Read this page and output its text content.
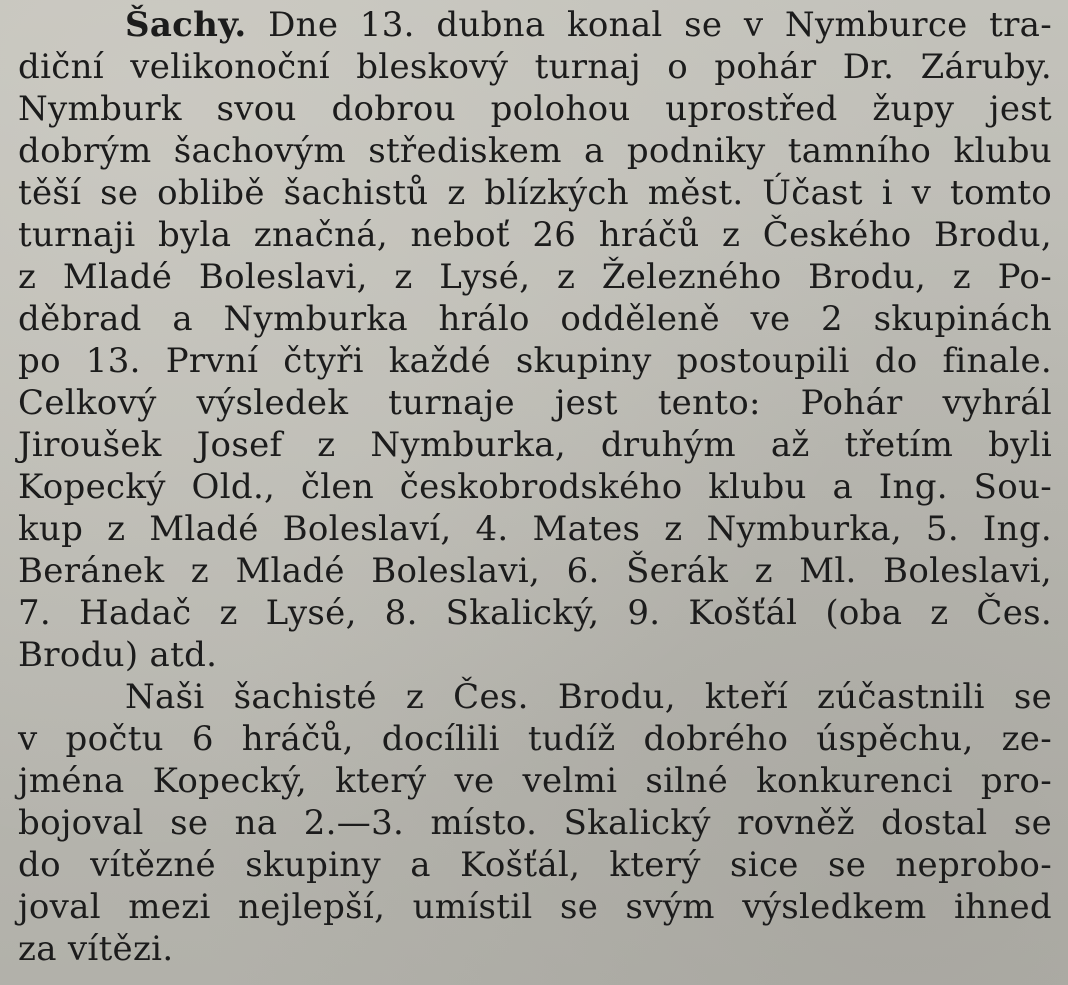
Šachy. Dne 13. dubna konal se v Nymburce tra-

diční velikonoční bleskový turnaj o pohár Dr. Záruby.

Nymburk svou dobrou polohou uprostřed župy jest

dobrým šachovým střediskem a podniky tamního klubu

těší se oblibě šachistů z blízkých měst. Účast i v tomto

turnaji byla značná, neboť 26 hráčů z Českého Brodu,

z Mladé Boleslavi, z Lysé, z Železného Brodu, z Po-

děbrad a Nymburka hrálo odděleně ve 2 skupinách

po 13. První čtyři každé skupiny postoupili do finale.

Celkový výsledek turnaje jest tento: Pohár vyhrál

Jiroušek Josef z Nymburka, druhým až třetím byli

Kopecký Old., člen českobrodského klubu a Ing. Sou-

kup z Mladé Boleslaví, 4. Mates z Nymburka, 5. Ing.

Beránek z Mladé Boleslavi, 6. Šerák z Ml. Boleslavi,

7. Hadač z Lysé, 8. Skalický, 9. Košťál (oba z Čes.

Brodu) atd.

Naši šachisté z Čes. Brodu, kteří zúčastnili se

v počtu 6 hráčů, docílili tudíž dobrého úspěchu, ze-

jména Kopecký, který ve velmi silné konkurenci pro-

bojoval se na 2.—3. místo. Skalický rovněž dostal se

do vítězné skupiny a Košťál, který sice se neprobo-

joval mezi nejlepší, umístil se svým výsledkem ihned

za vítězi.
